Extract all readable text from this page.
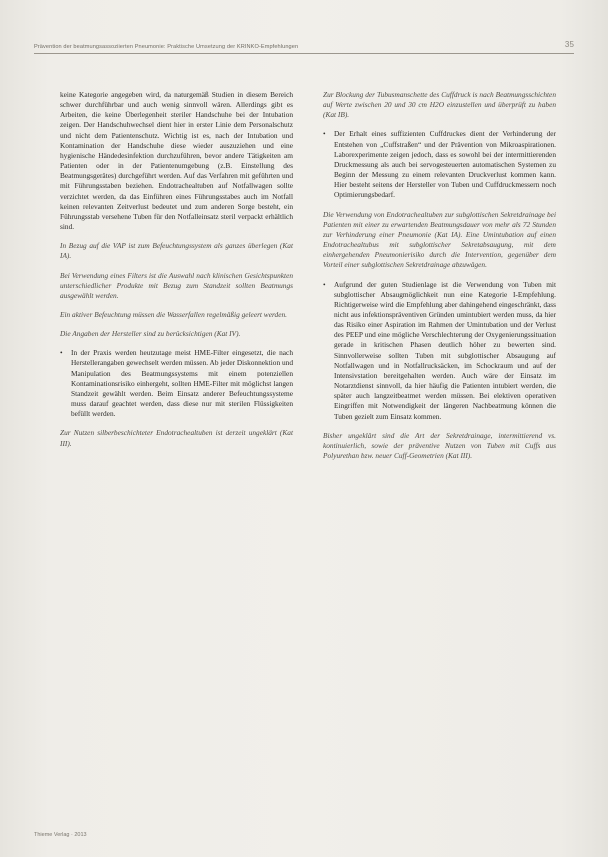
Prävention der beatmungsassoziierten Pneumonie: Praktische Umsetzung der KRINKO-Empfehlungen	35

keine Kategorie angegeben wird, da naturgemäß Studien in diesem Bereich schwer durchführbar und auch wenig sinnvoll wären. Allerdings gibt es Arbeiten, die keine Überlegenheit steriler Handschuhe bei der Intubation zeigen. Der Handschuhwechsel dient hier in erster Linie dem Personalschutz und nicht dem Patientenschutz. Wichtig ist es, nach der Intubation und Kontamination der Handschuhe diese wieder auszuziehen und eine hygienische Händedesinfektion durchzuführen, bevor andere Tätigkeiten am Patienten oder in der Patientenumgebung (z.B. Einstellung des Beatmungsgerätes) durchgeführt werden. Auf das Verfahren mit geführten und mit Führungsstaben beziehen. Endotrachealtuben auf Notfallwagen sollte verzichtet werden, da das Einführen eines Führungsstabes auch im Notfall keinen relevanten Zeitverlust bedeutet und zum anderen Sorge besteht, ein Führungsstab versehene Tuben für den Notfalleinsatz steril verpackt erhältlich sind.

In Bezug auf die VAP ist zum Befeuchtungssystem als ganzes überlegen (Kat IA).

Bei Verwendung eines Filters ist die Auswahl nach klinischen Gesichtspunkten unterschiedlicher Produkte mit Bezug zum Standzeit sollten Beatmungs ausgewählt werden.

Ein aktiver Befeuchtung müssen die Wasserfallen regelmäßig geleert werden.

Die Angaben der Hersteller sind zu berücksichtigen (Kat IV).

• In der Praxis werden heutzutage meist HME-Filter eingesetzt, die nach Herstellerangaben gewechselt werden müssen. Ab jeder Diskonnektion und Manipulation des Beatmungssystems mit einem potenziellen Kontaminationsrisiko einhergeht, sollten HME-Filter mit möglichst langen Standzeit gewählt werden. Beim Einsatz anderer Befeuchtungssysteme muss darauf geachtet werden, dass diese nur mit sterilen Flüssigkeiten befüllt werden.

Zur Nutzen silberbeschichteter Endotrachealtuben ist derzeit ungeklärt (Kat III).

Zur Blockung der Tubusmanschette des Cuffdruck is nach Beatmungsschichten auf Werte zwischen 20 und 30 cm H2O einzustellen und überprüft zu haben (Kat IB).

• Der Erhalt eines suffizienten Cuffdruckes dient der Verhinderung der Entstehen von „Cuffstraßen“ und der Prävention von Mikroaspirationen. Laborexperimente zeigen jedoch, dass es sowohl bei der intermittierenden Druckmessung als auch bei servogesteuerten automatischen Systemen zu Beginn der Messung zu einem relevanten Druckverlust kommen kann. Hier besteht seitens der Hersteller von Tuben und Cuffdruckmessern noch Optimierungsbedarf.

Die Verwendung von Endotrachealtuben zur subglottischen Sekretdrainage bei Patienten mit einer zu erwartenden Beatmungsdauer von mehr als 72 Stunden zur Verhinderung einer Pneumonie (Kat IA). Eine Umintubation auf einen Endotrachealtubus mit subglottischer Sekretabsaugung, mit dem einhergehenden Pneumonierisiko durch die Intervention, gegenüber dem Vorteil einer subglottischen Sekretdrainage abzuwägen.

• Aufgrund der guten Studienlage ist die Verwendung von Tuben mit subglottischer Absaugmöglichkeit nun eine Kategorie I-Empfehlung. Richtigerweise wird die Empfehlung aber dahingehend eingeschränkt, dass nicht aus infektionspräventiven Gründen umintubiert werden muss, da hier das Risiko einer Aspiration im Rahmen der Umintubation und der Verlust des PEEP und eine mögliche Verschlechterung der Oxygenierungssituation gerade in kritischen Phasen deutlich höher zu bewerten sind. Sinnvollerweise sollten Tuben mit subglottischer Absaugung auf Notfallwagen und in Notfallrucksäcken, im Schockraum und auf der Intensivstation bereitgehalten werden. Auch wäre der Einsatz im Notarztdienst sinnvoll, da hier häufig die Patienten intubiert werden, die später auch langzeitbeatmet werden müssen. Bei elektiven operativen Eingriffen mit Notwendigkeit der längeren Nachbeatmung können die Tuben gezielt zum Einsatz kommen.

Bisher ungeklärt sind die Art der Sekretdrainage, intermittierend vs. kontinuierlich, sowie der präventive Nutzen von Tuben mit Cuffs aus Polyurethan bzw. neuer Cuff-Geometrien (Kat III).

Thieme Verlag · 2013
